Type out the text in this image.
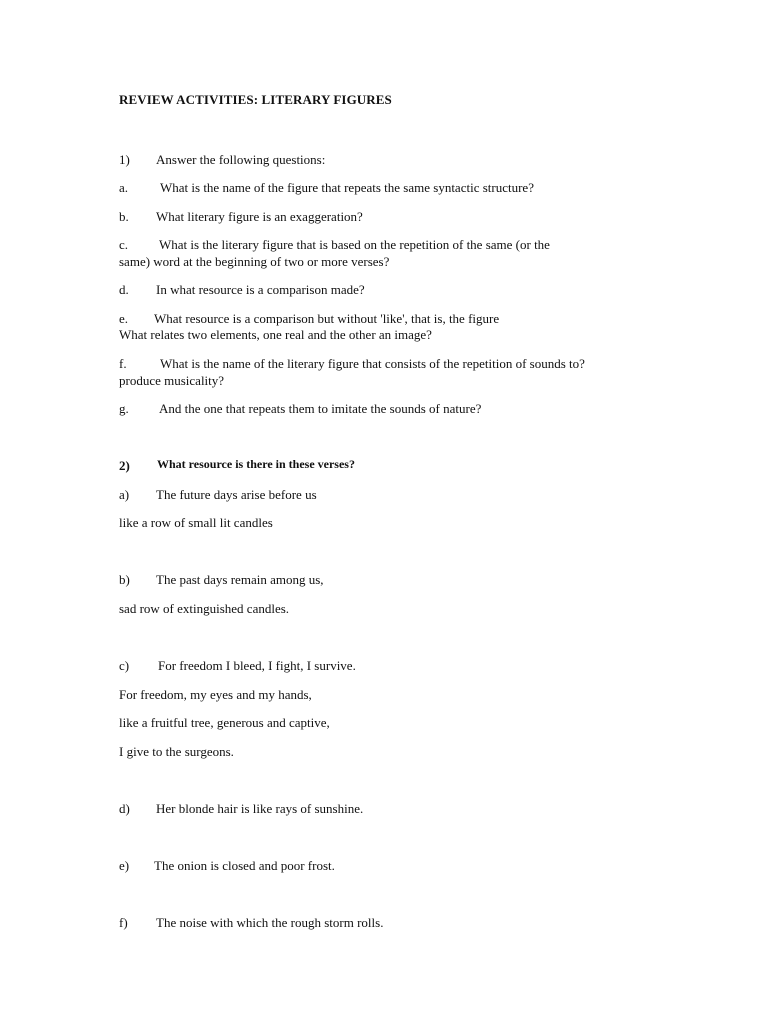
REVIEW ACTIVITIES: LITERARY FIGURES
1) Answer the following questions:
a. What is the name of the figure that repeats the same syntactic structure?
b. What literary figure is an exaggeration?
c. What is the literary figure that is based on the repetition of the same (or the
same) word at the beginning of two or more verses?
d. In what resource is a comparison made?
e. What resource is a comparison but without 'like', that is, the figure
What relates two elements, one real and the other an image?
f.	What is the name of the literary figure that consists of the repetition of sounds to?
produce musicality?
g. And the one that repeats them to imitate the sounds of nature?
2) What resource is there in these verses?
a) The future days arise before us
like a row of small lit candles
b) The past days remain among us,
sad row of extinguished candles.
c) For freedom I bleed, I fight, I survive.
For freedom, my eyes and my hands,
like a fruitful tree, generous and captive,
I give to the surgeons.
d) Her blonde hair is like rays of sunshine.
e) The onion is closed and poor frost.
f) The noise with which the rough storm rolls.
